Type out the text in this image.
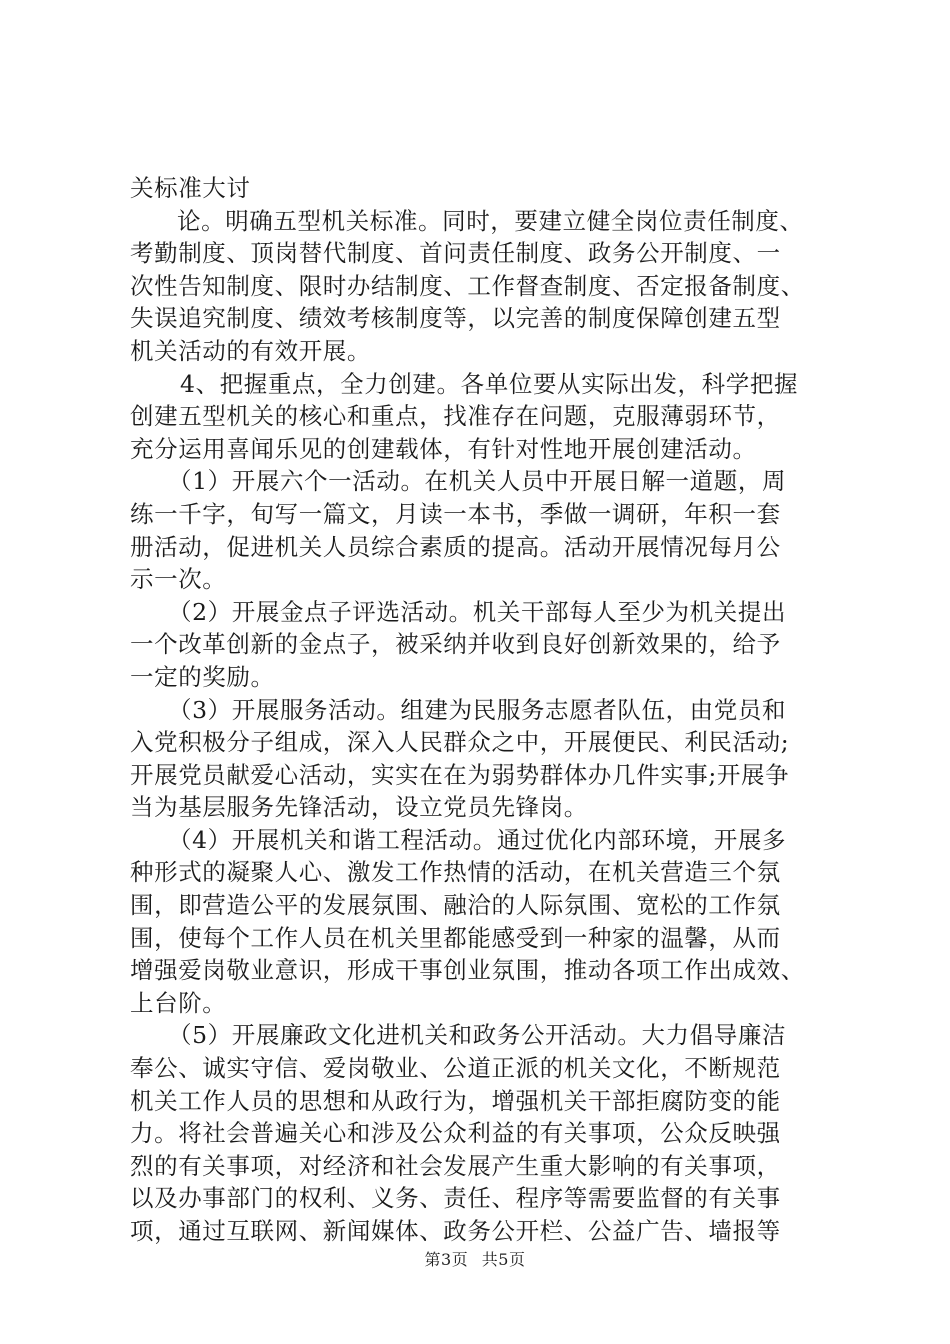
关标准大讨
论。明确五型机关标准。同时，要建立健全岗位责任制度、
考勤制度、顶岗替代制度、首问责任制度、政务公开制度、一
次性告知制度、限时办结制度、工作督查制度、否定报备制度、
失误追究制度、绩效考核制度等，以完善的制度保障创建五型
机关活动的有效开展。
4、把握重点，全力创建。各单位要从实际出发，科学把握
创建五型机关的核心和重点，找准存在问题，克服薄弱环节，
充分运用喜闻乐见的创建载体，有针对性地开展创建活动。
（1）开展六个一活动。在机关人员中开展日解一道题，周
练一千字，旬写一篇文，月读一本书，季做一调研，年积一套
册活动，促进机关人员综合素质的提高。活动开展情况每月公
示一次。
（2）开展金点子评选活动。机关干部每人至少为机关提出
一个改革创新的金点子，被采纳并收到良好创新效果的，给予
一定的奖励。
（3）开展服务活动。组建为民服务志愿者队伍，由党员和
入党积极分子组成，深入人民群众之中，开展便民、利民活动;
开展党员献爱心活动，实实在在为弱势群体办几件实事;开展争
当为基层服务先锋活动，设立党员先锋岗。
（4）开展机关和谐工程活动。通过优化内部环境，开展多
种形式的凝聚人心、激发工作热情的活动，在机关营造三个氛
围，即营造公平的发展氛围、融洽的人际氛围、宽松的工作氛
围，使每个工作人员在机关里都能感受到一种家的温馨，从而
增强爱岗敬业意识，形成干事创业氛围，推动各项工作出成效、
上台阶。
（5）开展廉政文化进机关和政务公开活动。大力倡导廉洁
奉公、诚实守信、爱岗敬业、公道正派的机关文化，不断规范
机关工作人员的思想和从政行为，增强机关干部拒腐防变的能
力。将社会普遍关心和涉及公众利益的有关事项，公众反映强
烈的有关事项，对经济和社会发展产生重大影响的有关事项，
以及办事部门的权利、义务、责任、程序等需要监督的有关事
项，通过互联网、新闻媒体、政务公开栏、公益广告、墙报等
第3页 共5页
